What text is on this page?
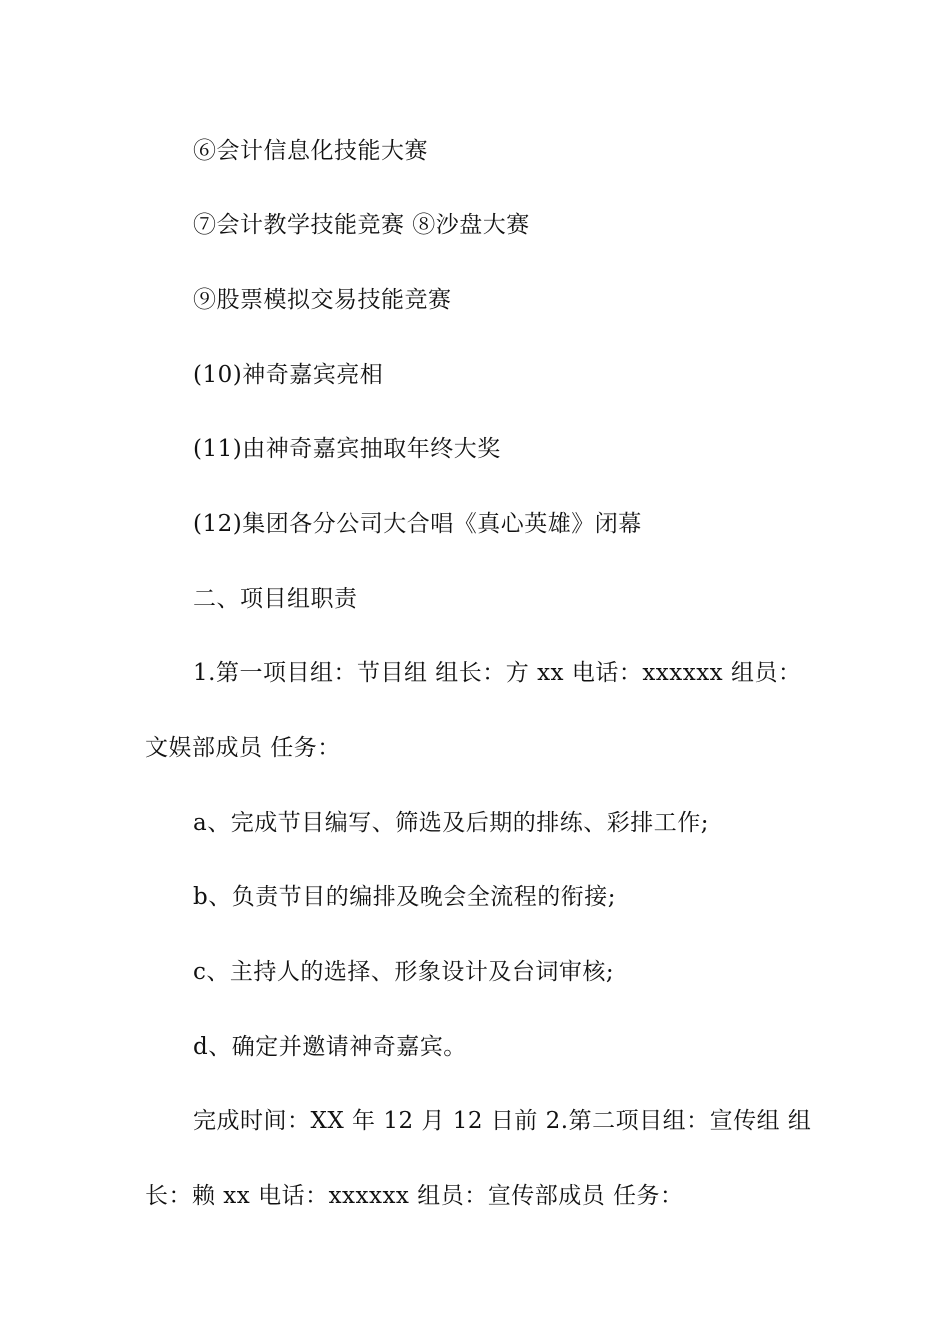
⑥会计信息化技能大赛
⑦会计教学技能竞赛 ⑧沙盘大赛
⑨股票模拟交易技能竞赛
(10)神奇嘉宾亮相
(11)由神奇嘉宾抽取年终大奖
(12)集团各分公司大合唱《真心英雄》闭幕
二、项目组职责
1.第一项目组：节目组 组长：方 xx 电话：xxxxxx 组员：
文娱部成员 任务：
a、完成节目编写、筛选及后期的排练、彩排工作;
b、负责节目的编排及晚会全流程的衔接;
c、主持人的选择、形象设计及台词审核;
d、确定并邀请神奇嘉宾。
完成时间：XX 年 12 月 12 日前 2.第二项目组：宣传组 组
长：赖 xx 电话：xxxxxx 组员：宣传部成员 任务：
